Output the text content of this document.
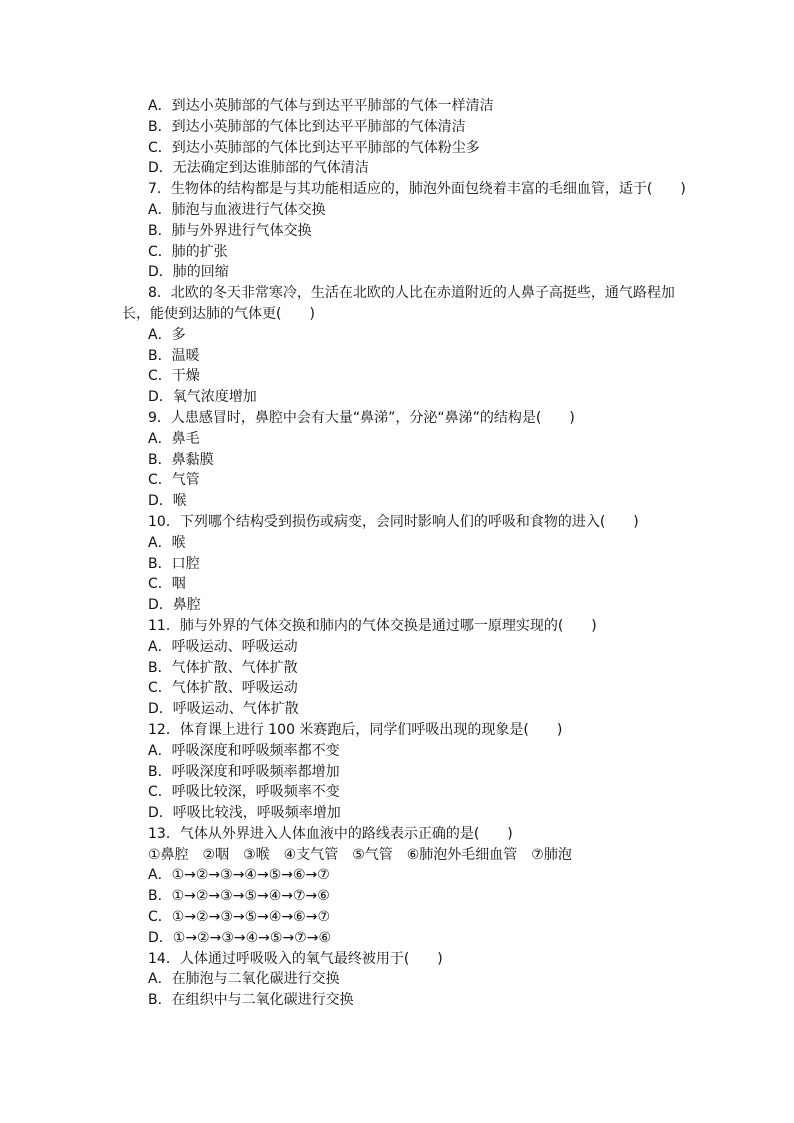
A．到达小英肺部的气体与到达平平肺部的气体一样清洁
B．到达小英肺部的气体比到达平平肺部的气体清洁
C．到达小英肺部的气体比到达平平肺部的气体粉尘多
D．无法确定到达谁肺部的气体清洁
7．生物体的结构都是与其功能相适应的，肺泡外面包绕着丰富的毛细血管，适于(　　)
A．肺泡与血液进行气体交换
B．肺与外界进行气体交换
C．肺的扩张
D．肺的回缩
8．北欧的冬天非常寒冷，生活在北欧的人比在赤道附近的人鼻子高挺些，通气路程加
长，能使到达肺的气体更(　　)
A．多
B．温暖
C．干燥
D．氧气浓度增加
9．人患感冒时，鼻腔中会有大量“鼻涕”，分泌“鼻涕”的结构是(　　)
A．鼻毛
B．鼻黏膜
C．气管
D．喉
10．下列哪个结构受到损伤或病变，会同时影响人们的呼吸和食物的进入(　　)
A．喉
B．口腔
C．咽
D．鼻腔
11．肺与外界的气体交换和肺内的气体交换是通过哪一原理实现的(　　)
A．呼吸运动、呼吸运动
B．气体扩散、气体扩散
C．气体扩散、呼吸运动
D．呼吸运动、气体扩散
12．体育课上进行 100 米赛跑后，同学们呼吸出现的现象是(　　)
A．呼吸深度和呼吸频率都不变
B．呼吸深度和呼吸频率都增加
C．呼吸比较深，呼吸频率不变
D．呼吸比较浅，呼吸频率增加
13．气体从外界进入人体血液中的路线表示正确的是(　　)
①鼻腔　②咽　③喉　④支气管　⑤气管　⑥肺泡外毛细血管　⑦肺泡
A．①→②→③→④→⑤→⑥→⑦
B．①→②→③→⑤→④→⑦→⑥
C．①→②→③→⑤→④→⑥→⑦
D．①→②→③→④→⑤→⑦→⑥
14．人体通过呼吸吸入的氧气最终被用于(　　)
A．在肺泡与二氧化碳进行交换
B．在组织中与二氧化碳进行交换
